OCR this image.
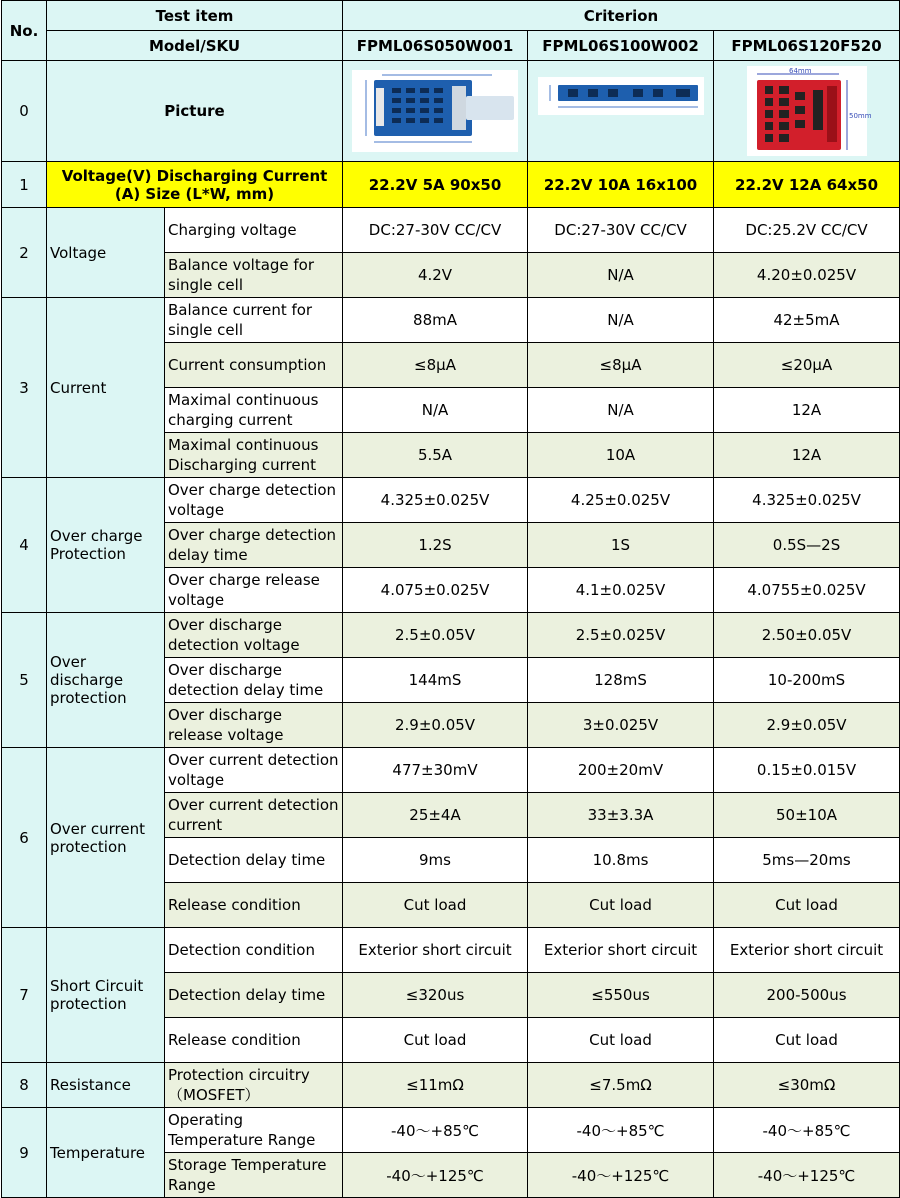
No.	Test item		Criterion		
	Model/SKU		FPML06S050W001	FPML06S100W002	FPML06S120F520
0	Picture				64mm
50mm

1	Voltage(V) Discharging Current (A) Size (L*W, mm)		22.2V 5A 90x50	22.2V 10A 16x100	22.2V 12A 64x50
2	Voltage	Charging voltage	DC:27-30V CC/CV	DC:27-30V CC/CV	DC:25.2V CC/CV
		Balance voltage for single cell	4.2V	N/A	4.20±0.025V
3	Current	Balance current for single cell	88mA	N/A	42±5mA
		Current consumption	≤8μA	≤8μA	≤20μA
		Maximal continuous charging current	N/A	N/A	12A
		Maximal continuous Discharging current	5.5A	10A	12A
4	Over charge Protection	Over charge detection voltage	4.325±0.025V	4.25±0.025V	4.325±0.025V
		Over charge detection delay time	1.2S	1S	0.5S—2S
		Over charge release voltage	4.075±0.025V	4.1±0.025V	4.0755±0.025V
5	Over discharge protection	Over discharge detection voltage	2.5±0.05V	2.5±0.025V	2.50±0.05V
		Over discharge detection delay time	144mS	128mS	10-200mS
		Over discharge release voltage	2.9±0.05V	3±0.025V	2.9±0.05V
6	Over current protection	Over current detection voltage	477±30mV	200±20mV	0.15±0.015V
		Over current detection current	25±4A	33±3.3A	50±10A
		Detection delay time	9ms	10.8ms	5ms—20ms
		Release condition	Cut load	Cut load	Cut load
7	Short Circuit protection	Detection condition	Exterior short circuit	Exterior short circuit	Exterior short circuit
		Detection delay time	≤320us	≤550us	200-500us
		Release condition	Cut load	Cut load	Cut load
8	Resistance	Protection circuitry（MOSFET）	≤11mΩ	≤7.5mΩ	≤30mΩ
9	Temperature	Operating Temperature Range	-40～+85℃	-40～+85℃	-40～+85℃
		Storage Temperature Range	-40～+125℃	-40～+125℃	-40～+125℃
